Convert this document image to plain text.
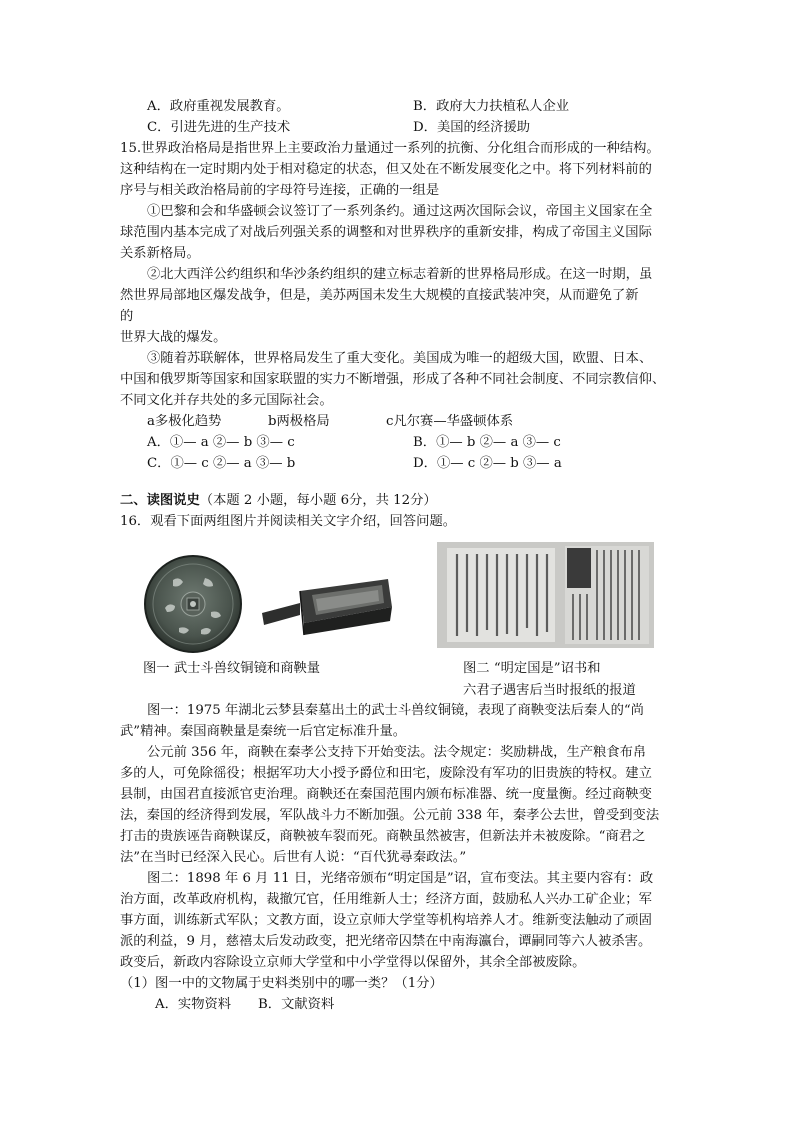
A．政府重视发展教育。	B．政府大力扶植私人企业
C．引进先进的生产技术	D．美国的经济援助
15.世界政治格局是指世界上主要政治力量通过一系列的抗衡、分化组合而形成的一种结构。
这种结构在一定时期内处于相对稳定的状态，但又处在不断发展变化之中。将下列材料前的
序号与相关政治格局前的字母符号连接，正确的一组是
①巴黎和会和华盛顿会议签订了一系列条约。通过这两次国际会议，帝国主义国家在全
球范围内基本完成了对战后列强关系的调整和对世界秩序的重新安排，构成了帝国主义国际
关系新格局。
②北大西洋公约组织和华沙条约组织的建立标志着新的世界格局形成。在这一时期，虽
然世界局部地区爆发战争，但是，美苏两国未发生大规模的直接武装冲突，从而避免了新
的
世界大战的爆发。
③随着苏联解体，世界格局发生了重大变化。美国成为唯一的超级大国，欧盟、日本、
中国和俄罗斯等国家和国家联盟的实力不断增强，形成了各种不同社会制度、不同宗教信仰、
不同文化并存共处的多元国际社会。
a多极化趋势	b两极格局	c凡尔赛—华盛顿体系
A．①— a ②— b ③— c	B．①— b ②— a ③— c
C．①— c ②— a ③— b	D．①— c ②— b ③— a
二、读图说史（本题 2 小题，每小题 6分，共 12分）
16．观看下面两组图片并阅读相关文字介绍，回答问题。
图一 武士斗兽纹铜镜和商鞅量	图二 “明定国是”诏书和
六君子遇害后当时报纸的报道
图一：1975 年湖北云梦县秦墓出土的武士斗兽纹铜镜，表现了商鞅变法后秦人的“尚
武”精神。秦国商鞅量是秦统一后官定标准升量。
公元前 356 年，商鞅在秦孝公支持下开始变法。法令规定：奖励耕战，生产粮食布帛
多的人，可免除徭役；根据军功大小授予爵位和田宅，废除没有军功的旧贵族的特权。建立
县制，由国君直接派官吏治理。商鞅还在秦国范围内颁布标准器、统一度量衡。经过商鞅变
法，秦国的经济得到发展，军队战斗力不断加强。公元前 338 年，秦孝公去世，曾受到变法
打击的贵族诬告商鞅谋反，商鞅被车裂而死。商鞅虽然被害，但新法并未被废除。“商君之
法”在当时已经深入民心。后世有人说：“百代犹尋秦政法。”
图二：1898 年 6 月 11 日，光绪帝颁布“明定国是”诏，宣布变法。其主要内容有：政
治方面，改革政府机构，裁撤冗官，任用维新人士；经济方面，鼓励私人兴办工矿企业；军
事方面，训练新式军队；文教方面，设立京师大学堂等机构培养人才。维新变法触动了顽固
派的利益，9 月，慈禧太后发动政变，把光绪帝囚禁在中南海瀛台，谭嗣同等六人被杀害。
政变后，新政内容除设立京师大学堂和中小学堂得以保留外，其余全部被废除。
（1）图一中的文物属于史料类别中的哪一类？（1分）
A．实物资料 B．文献资料
